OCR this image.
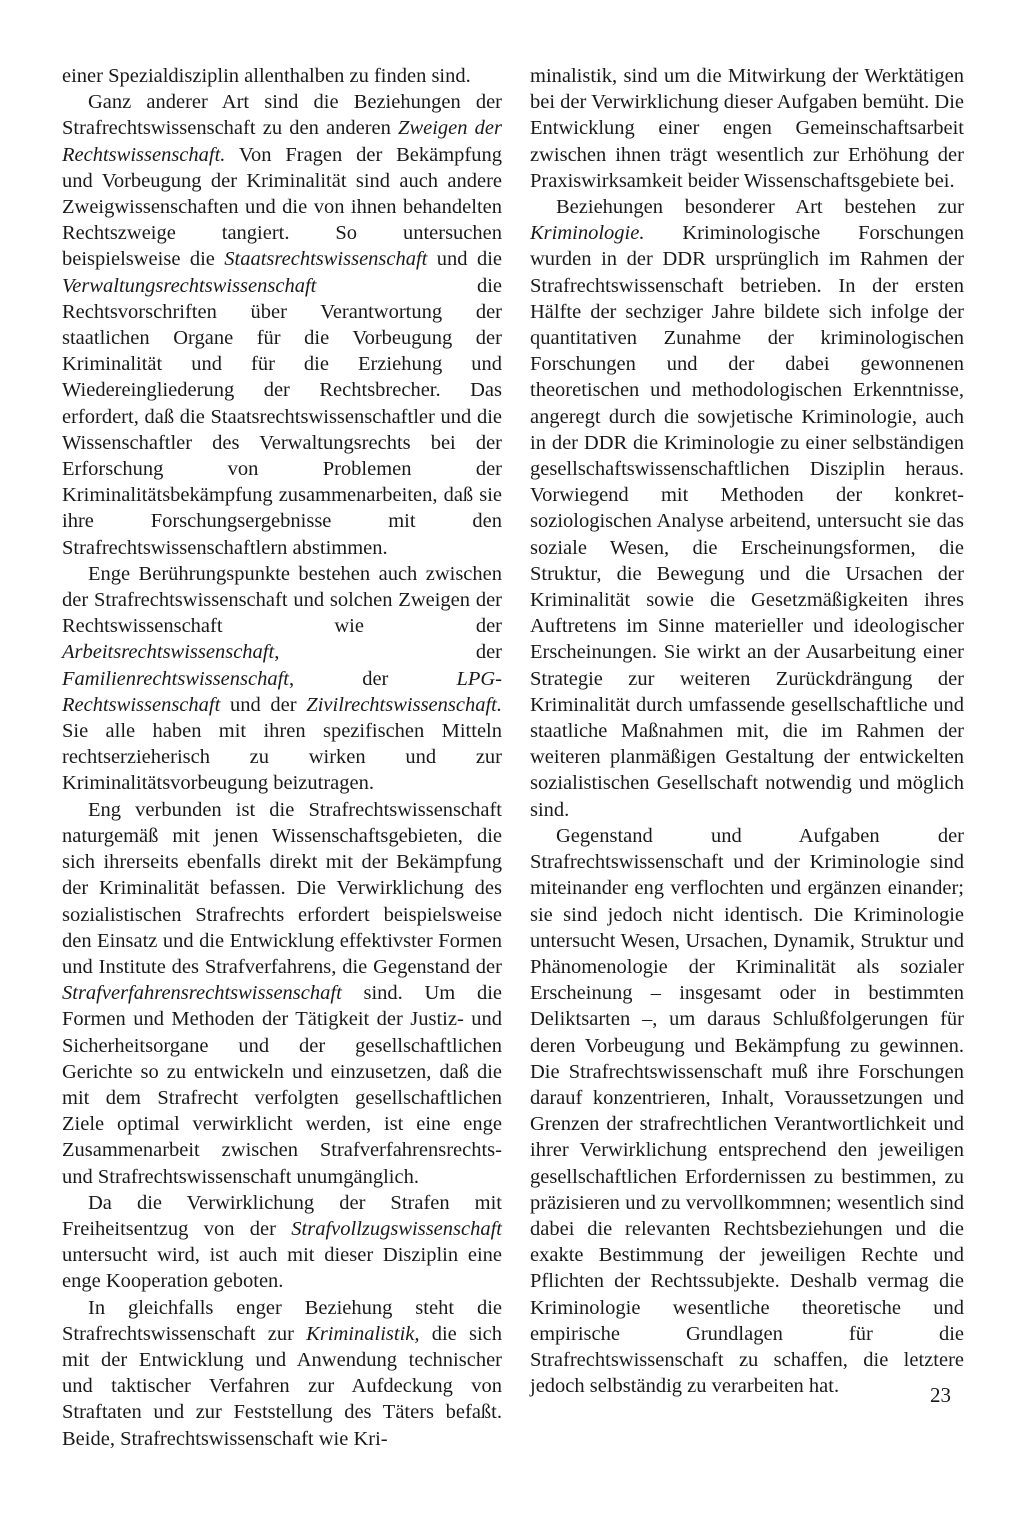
einer Spezialdisziplin allenthalben zu finden sind.

Ganz anderer Art sind die Beziehungen der Strafrechtswissenschaft zu den anderen Zweigen der Rechtswissenschaft. Von Fragen der Bekämpfung und Vorbeugung der Kriminalität sind auch andere Zweigwissenschaften und die von ihnen behandelten Rechtszweige tangiert. So untersuchen beispielsweise die Staatsrechtswissenschaft und die Verwaltungsrechtswissenschaft die Rechtsvorschriften über Verantwortung der staatlichen Organe für die Vorbeugung der Kriminalität und für die Erziehung und Wiedereingliederung der Rechtsbrecher. Das erfordert, daß die Staatsrechtswissenschaftler und die Wissenschaftler des Verwaltungsrechts bei der Erforschung von Problemen der Kriminalitätsbekämpfung zusammenarbeiten, daß sie ihre Forschungsergebnisse mit den Strafrechtswissenschaftlern abstimmen.

Enge Berührungspunkte bestehen auch zwischen der Strafrechtswissenschaft und solchen Zweigen der Rechtswissenschaft wie der Arbeitsrechtswissenschaft, der Familienrechtswissenschaft, der LPG-Rechtswissenschaft und der Zivilrechtswissenschaft. Sie alle haben mit ihren spezifischen Mitteln rechtserzieherisch zu wirken und zur Kriminalitätsvorbeugung beizutragen.

Eng verbunden ist die Strafrechtswissenschaft naturgemäß mit jenen Wissenschaftsgebieten, die sich ihrerseits ebenfalls direkt mit der Bekämpfung der Kriminalität befassen. Die Verwirklichung des sozialistischen Strafrechts erfordert beispielsweise den Einsatz und die Entwicklung effektivster Formen und Institute des Strafverfahrens, die Gegenstand der Strafverfahrensrechtswissenschaft sind. Um die Formen und Methoden der Tätigkeit der Justiz- und Sicherheitsorgane und der gesellschaftlichen Gerichte so zu entwickeln und einzusetzen, daß die mit dem Strafrecht verfolgten gesellschaftlichen Ziele optimal verwirklicht werden, ist eine enge Zusammenarbeit zwischen Strafverfahrensrechts- und Strafrechtswissenschaft unumgänglich.

Da die Verwirklichung der Strafen mit Freiheitsentzug von der Strafvollzugswissenschaft untersucht wird, ist auch mit dieser Disziplin eine enge Kooperation geboten.

In gleichfalls enger Beziehung steht die Strafrechtswissenschaft zur Kriminalistik, die sich mit der Entwicklung und Anwendung technischer und taktischer Verfahren zur Aufdeckung von Straftaten und zur Feststellung des Täters befaßt. Beide, Strafrechtswissenschaft wie Kri-

minalistik, sind um die Mitwirkung der Werktätigen bei der Verwirklichung dieser Aufgaben bemüht. Die Entwicklung einer engen Gemeinschaftsarbeit zwischen ihnen trägt wesentlich zur Erhöhung der Praxiswirksamkeit beider Wissenschaftsgebiete bei.

Beziehungen besonderer Art bestehen zur Kriminologie. Kriminologische Forschungen wurden in der DDR ursprünglich im Rahmen der Strafrechtswissenschaft betrieben. In der ersten Hälfte der sechziger Jahre bildete sich infolge der quantitativen Zunahme der kriminologischen Forschungen und der dabei gewonnenen theoretischen und methodologischen Erkenntnisse, angeregt durch die sowjetische Kriminologie, auch in der DDR die Kriminologie zu einer selbständigen gesellschaftswissenschaftlichen Disziplin heraus. Vorwiegend mit Methoden der konkret-soziologischen Analyse arbeitend, untersucht sie das soziale Wesen, die Erscheinungsformen, die Struktur, die Bewegung und die Ursachen der Kriminalität sowie die Gesetzmäßigkeiten ihres Auftretens im Sinne materieller und ideologischer Erscheinungen. Sie wirkt an der Ausarbeitung einer Strategie zur weiteren Zurückdrängung der Kriminalität durch umfassende gesellschaftliche und staatliche Maßnahmen mit, die im Rahmen der weiteren planmäßigen Gestaltung der entwickelten sozialistischen Gesellschaft notwendig und möglich sind.

Gegenstand und Aufgaben der Strafrechtswissenschaft und der Kriminologie sind miteinander eng verflochten und ergänzen einander; sie sind jedoch nicht identisch. Die Kriminologie untersucht Wesen, Ursachen, Dynamik, Struktur und Phänomenologie der Kriminalität als sozialer Erscheinung – insgesamt oder in bestimmten Deliktsarten –, um daraus Schlußfolgerungen für deren Vorbeugung und Bekämpfung zu gewinnen. Die Strafrechtswissenschaft muß ihre Forschungen darauf konzentrieren, Inhalt, Voraussetzungen und Grenzen der strafrechtlichen Verantwortlichkeit und ihrer Verwirklichung entsprechend den jeweiligen gesellschaftlichen Erfordernissen zu bestimmen, zu präzisieren und zu vervollkommnen; wesentlich sind dabei die relevanten Rechtsbeziehungen und die exakte Bestimmung der jeweiligen Rechte und Pflichten der Rechtssubjekte. Deshalb vermag die Kriminologie wesentliche theoretische und empirische Grundlagen für die Strafrechtswissenschaft zu schaffen, die letztere jedoch selbständig zu verarbeiten hat.	23
